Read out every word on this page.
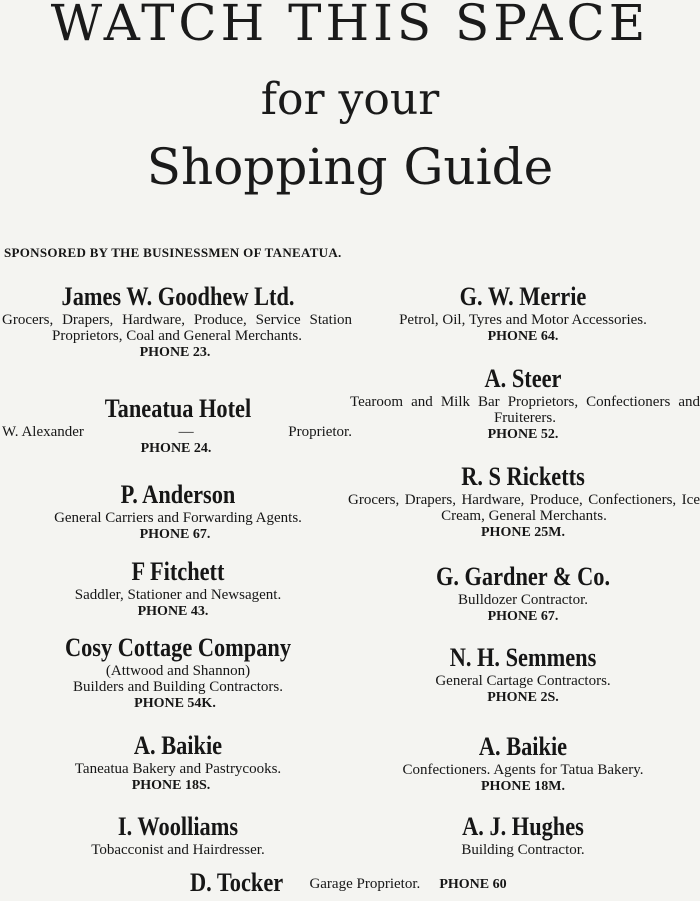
WATCH THIS SPACE
for your
Shopping Guide
SPONSORED BY THE BUSINESSMEN OF TANEATUA.
James W. Goodhew Ltd.
Grocers, Drapers, Hardware, Produce, Service Station Proprietors, Coal and General Merchants.
PHONE 23.
Taneatua Hotel
W. Alexander	—	Proprietor.
PHONE 24.
P. Anderson
General Carriers and Forwarding Agents.
PHONE 67.
F Fitchett
Saddler, Stationer and Newsagent.
PHONE 43.
Cosy Cottage Company
(Attwood and Shannon)
Builders and Building Contractors.
PHONE 54K.
A. Baikie
Taneatua Bakery and Pastrycooks.
PHONE 18S.
I. Woolliams
Tobacconist and Hairdresser.
G. W. Merrie
Petrol, Oil, Tyres and Motor Accessories.
PHONE 64.
A. Steer
Tearoom and Milk Bar Proprietors, Confectioners and Fruiterers.
PHONE 52.
R. S Ricketts
Grocers, Drapers, Hardware, Produce, Confectioners, Ice Cream, General Merchants.
PHONE 25M.
G. Gardner & Co.
Bulldozer Contractor.
PHONE 67.
N. H. Semmens
General Cartage Contractors.
PHONE 2S.
A. Baikie
Confectioners. Agents for Tatua Bakery.
PHONE 18M.
A. J. Hughes
Building Contractor.
D. Tocker Garage Proprietor. PHONE 60
